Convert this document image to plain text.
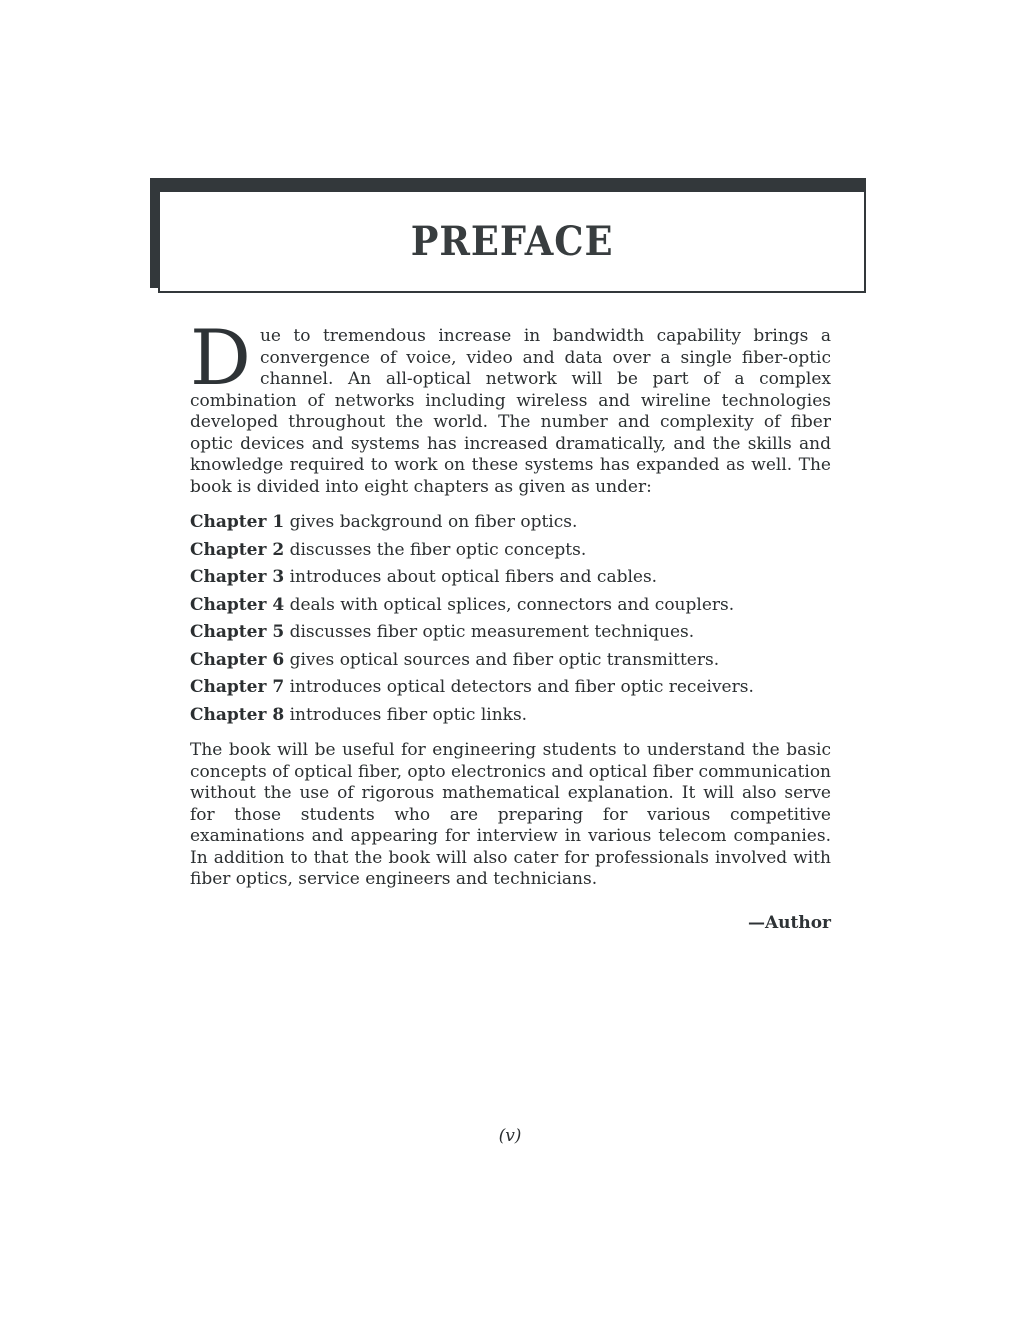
PREFACE

Due to tremendous increase in bandwidth capability brings a convergence of voice, video and data over a single fiber-optic channel. An all-optical network will be part of a complex combination of networks including wireless and wireline technologies developed throughout the world. The number and complexity of fiber optic devices and systems has increased dramatically, and the skills and knowledge required to work on these systems has expanded as well. The book is divided into eight chapters as given as under:

Chapter 1 gives background on fiber optics.
Chapter 2 discusses the fiber optic concepts.
Chapter 3 introduces about optical fibers and cables.
Chapter 4 deals with optical splices, connectors and couplers.
Chapter 5 discusses fiber optic measurement techniques.
Chapter 6 gives optical sources and fiber optic transmitters.
Chapter 7 introduces optical detectors and fiber optic receivers.
Chapter 8 introduces fiber optic links.

The book will be useful for engineering students to understand the basic concepts of optical fiber, opto electronics and optical fiber communication without the use of rigorous mathematical explanation. It will also serve for those students who are preparing for various competitive examinations and appearing for interview in various telecom companies. In addition to that the book will also cater for professionals involved with fiber optics, service engineers and technicians.

—Author

(v)
